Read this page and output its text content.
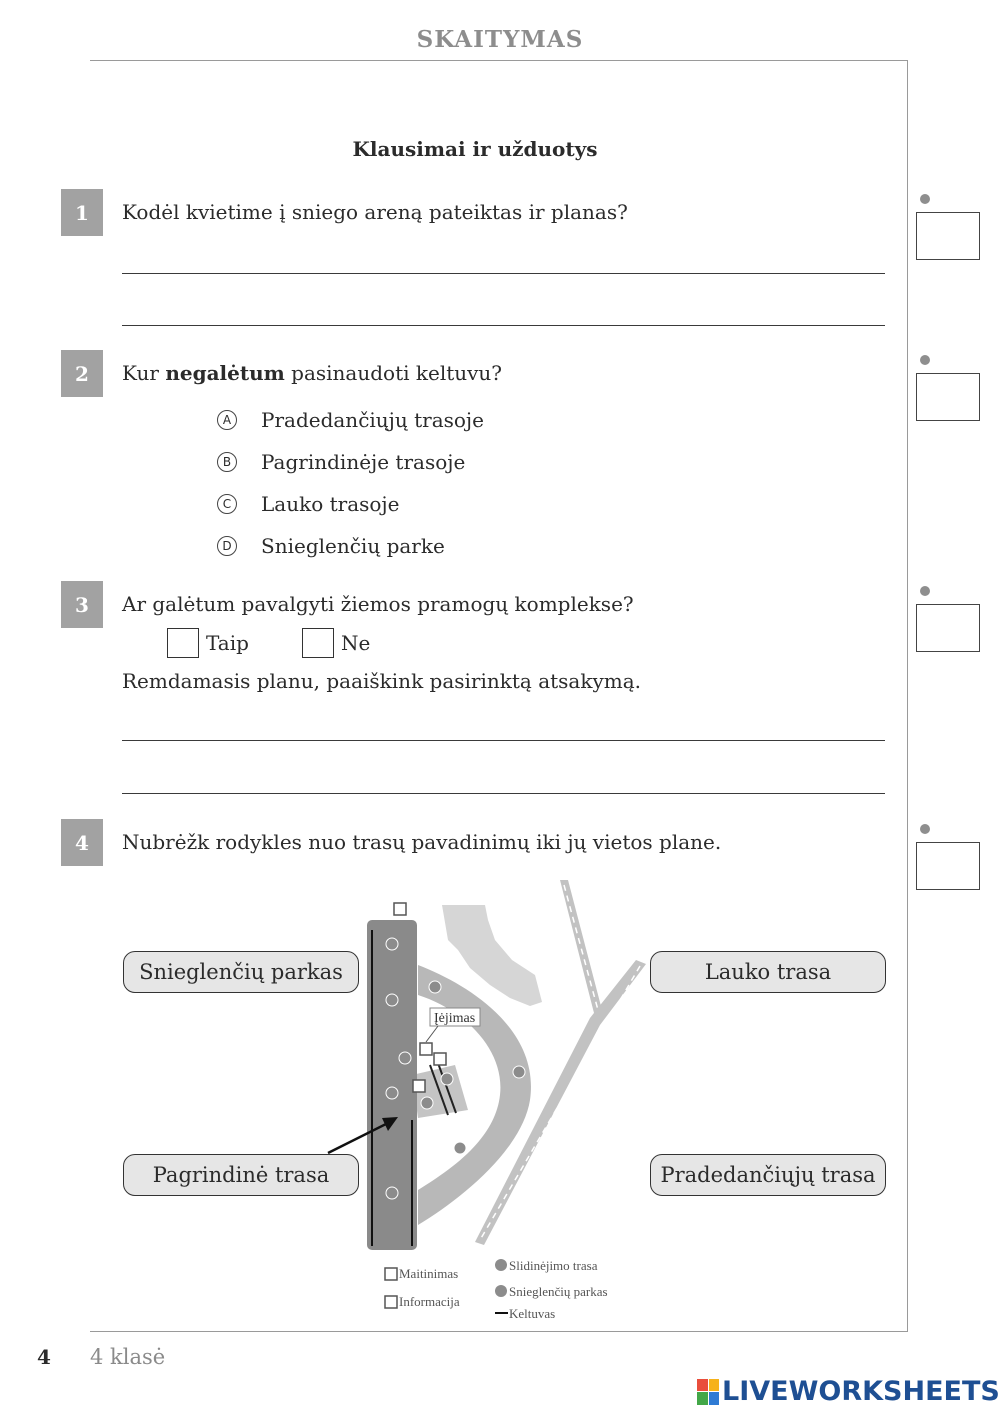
SKAITYMAS
Klausimai ir užduotys
1	Kodėl kvietime į sniego areną pateiktas ir planas?
2	Kur negalėtum pasinaudoti keltuvu?
A Pradedančiųjų trasoje
B Pagrindinėje trasoje
C Lauko trasoje
D Snieglenčių parke
3	Ar galėtum pavalgyti žiemos pramogų komplekse?
Taip	Ne
Remdamasis planu, paaiškink pasirinktą atsakymą.
4	Nubrėžk rodykles nuo trasų pavadinimų iki jų vietos plane.
Įėjimas
Maitinimas
Informacija
Slidinėjimo trasa
Snieglenčių parkas
Keltuvas
Snieglenčių parkas
Pagrindinė trasa
Lauko trasa
Pradedančiųjų trasa
4 4 klasė
LIVEWORKSHEETS
